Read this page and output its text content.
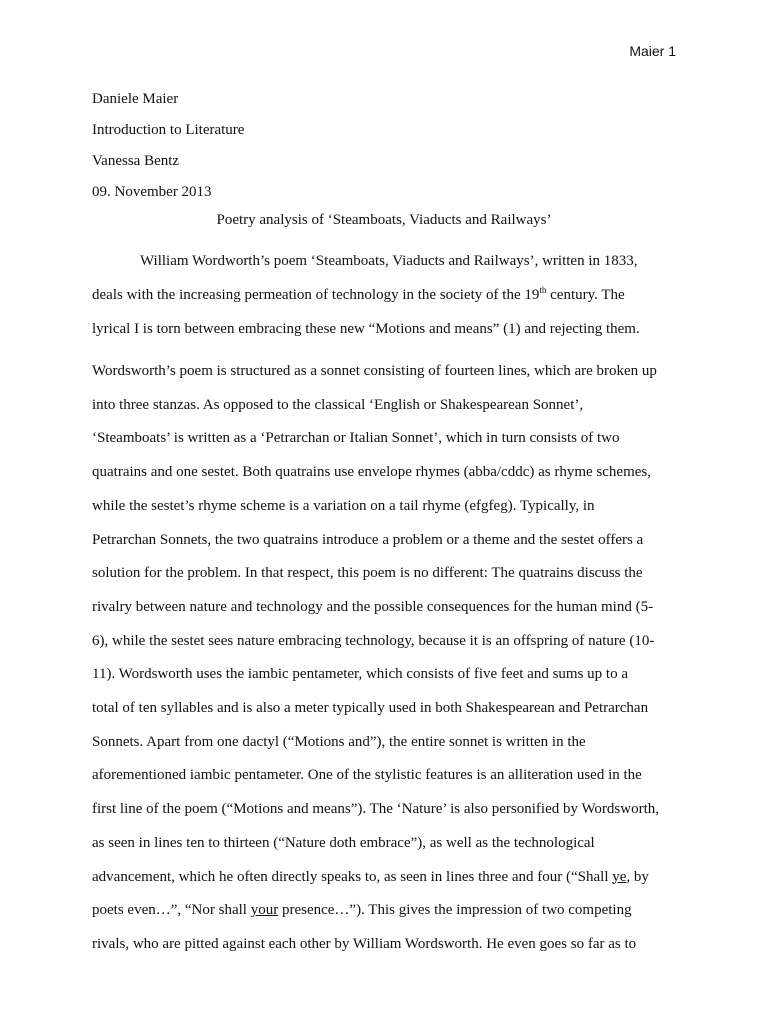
Maier 1
Daniele Maier
Introduction to Literature
Vanessa Bentz
09. November 2013
Poetry analysis of ‘Steamboats, Viaducts and Railways’
William Wordworth’s poem ‘Steamboats, Viaducts and Railways’, written in 1833,
deals with the increasing permeation of technology in the society of the 19th century. The
lyrical I is torn between embracing these new “Motions and means” (1) and rejecting them.
Wordsworth’s poem is structured as a sonnet consisting of fourteen lines, which are broken up
into three stanzas. As opposed to the classical ‘English or Shakespearean Sonnet’,
‘Steamboats’ is written as a ‘Petrarchan or Italian Sonnet’, which in turn consists of two
quatrains and one sestet. Both quatrains use envelope rhymes (abba/cddc) as rhyme schemes,
while the sestet’s rhyme scheme is a variation on a tail rhyme (efgfeg). Typically, in
Petrarchan Sonnets, the two quatrains introduce a problem or a theme and the sestet offers a
solution for the problem. In that respect, this poem is no different: The quatrains discuss the
rivalry between nature and technology and the possible consequences for the human mind (5-
6), while the sestet sees nature embracing technology, because it is an offspring of nature (10-
11). Wordsworth uses the iambic pentameter, which consists of five feet and sums up to a
total of ten syllables and is also a meter typically used in both Shakespearean and Petrarchan
Sonnets. Apart from one dactyl (“Motions and”), the entire sonnet is written in the
aforementioned iambic pentameter. One of the stylistic features is an alliteration used in the
first line of the poem (“Motions and means”). The ‘Nature’ is also personified by Wordsworth,
as seen in lines ten to thirteen (“Nature doth embrace”), as well as the technological
advancement, which he often directly speaks to, as seen in lines three and four (“Shall ye, by
poets even…”, “Nor shall your presence…”). This gives the impression of two competing
rivals, who are pitted against each other by William Wordsworth. He even goes so far as to
